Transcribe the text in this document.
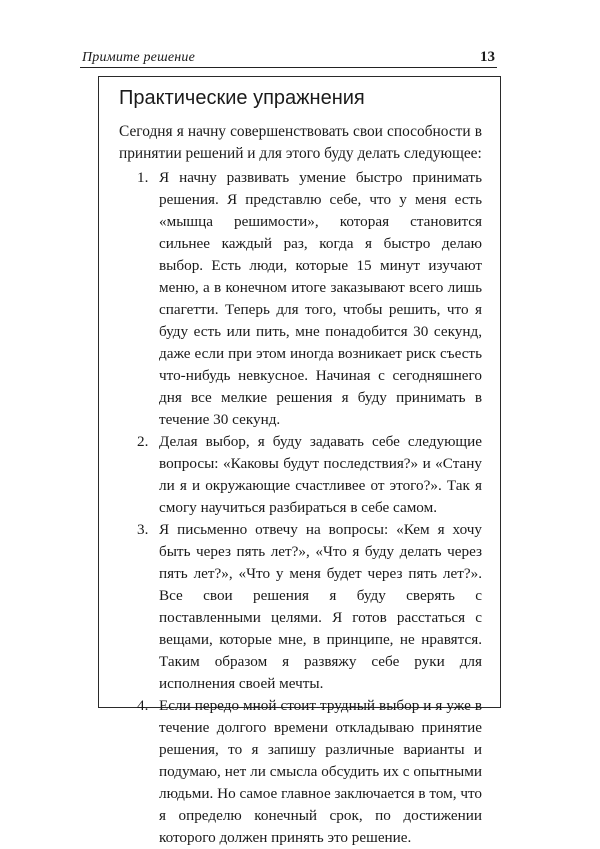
Примите решение	13
Практические упражнения

Сегодня я начну совершенствовать свои способности в принятии решений и для этого буду делать следующее:

1. Я начну развивать умение быстро принимать решения. Я представлю себе, что у меня есть «мышца решимости», которая становится сильнее каждый раз, когда я быстро делаю выбор. Есть люди, которые 15 минут изучают меню, а в конечном итоге заказывают всего лишь спагетти. Теперь для того, чтобы решить, что я буду есть или пить, мне понадобится 30 секунд, даже если при этом иногда возникает риск съесть что-нибудь невкусное. Начиная с сегодняшнего дня все мелкие решения я буду принимать в течение 30 секунд.
2. Делая выбор, я буду задавать себе следующие вопросы: «Каковы будут последствия?» и «Стану ли я и окружающие счастливее от этого?». Так я смогу научиться разбираться в себе самом.
3. Я письменно отвечу на вопросы: «Кем я хочу быть через пять лет?», «Что я буду делать через пять лет?», «Что у меня будет через пять лет?». Все свои решения я буду сверять с поставленными целями. Я готов расстаться с вещами, которые мне, в принципе, не нравятся. Таким образом я развяжу себе руки для исполнения своей мечты.
4. Если передо мной стоит трудный выбор и я уже в течение долгого времени откладываю принятие решения, то я запишу различные варианты и подумаю, нет ли смысла обсудить их с опытными людьми. Но самое главное заключается в том, что я определю конечный срок, по достижении которого должен принять это решение.
